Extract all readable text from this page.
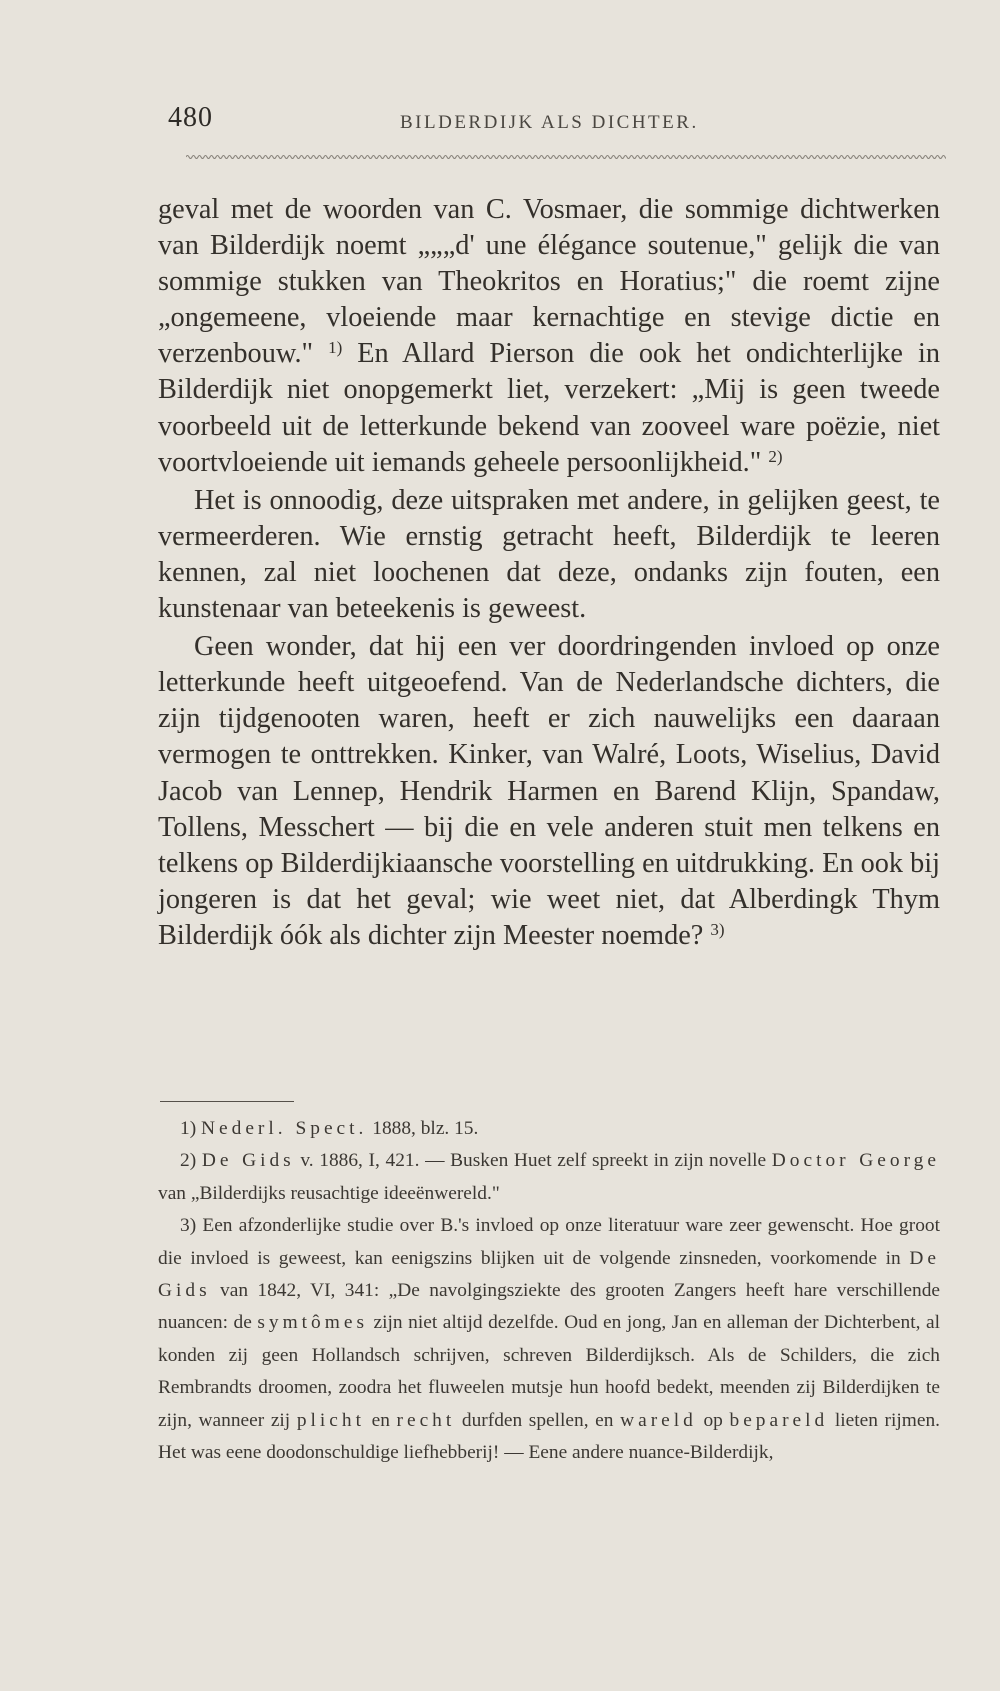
480	BILDERDIJK ALS DICHTER.

geval met de woorden van C. Vosmaer, die sommige dichtwerken van Bilderdijk noemt „„„d' une élégance soutenue," gelijk die van sommige stukken van Theokritos en Horatius;" die roemt zijne „ongemeene, vloeiende maar kernachtige en stevige dictie en verzenbouw." $^{1)}$ En Allard Pierson die ook het ondichterlijke in Bilderdijk niet onopgemerkt liet, verzekert: „Mij is geen tweede voorbeeld uit de letterkunde bekend van zooveel ware poëzie, niet voortvloeiende uit iemands geheele persoonlijkheid." $^{2)}$

Het is onnoodig, deze uitspraken met andere, in gelijken geest, te vermeerderen. Wie ernstig getracht heeft, Bilderdijk te leeren kennen, zal niet loochenen dat deze, ondanks zijn fouten, een kunstenaar van beteekenis is geweest.

Geen wonder, dat hij een ver doordringenden invloed op onze letterkunde heeft uitgeoefend. Van de Nederlandsche dichters, die zijn tijdgenooten waren, heeft er zich nauwelijks een daaraan vermogen te onttrekken. Kinker, van Walré, Loots, Wiselius, David Jacob van Lennep, Hendrik Harmen en Barend Klijn, Spandaw, Tollens, Messchert — bij die en vele anderen stuit men telkens en telkens op Bilderdijkiaansche voorstelling en uitdrukking. En ook bij jongeren is dat het geval; wie weet niet, dat Alberdingk Thym Bilderdijk óók als dichter zijn Meester noemde? $^{3)}$

1) Nederl. Spect. 1888, blz. 15.

2) De Gids v. 1886, I, 421. — Busken Huet zelf spreekt in zijn novelle Doctor George van „Bilderdijks reusachtige ideeënwereld."

3) Een afzonderlijke studie over B.'s invloed op onze literatuur ware zeer gewenscht. Hoe groot die invloed is geweest, kan eenigszins blijken uit de volgende zinsneden, voorkomende in De Gids van 1842, VI, 341: „De navolgingsziekte des grooten Zangers heeft hare verschillende nuancen: de symtômes zijn niet altijd dezelfde. Oud en jong, Jan en alleman der Dichterbent, al konden zij geen Hollandsch schrijven, schreven Bilderdijksch. Als de Schilders, die zich Rembrandts droomen, zoodra het fluweelen mutsje hun hoofd bedekt, meenden zij Bilderdijken te zijn, wanneer zij plicht en recht durfden spellen, en wareld op bepareld lieten rijmen. Het was eene doodonschuldige liefhebberij! — Eene andere nuance-Bilderdijk,
